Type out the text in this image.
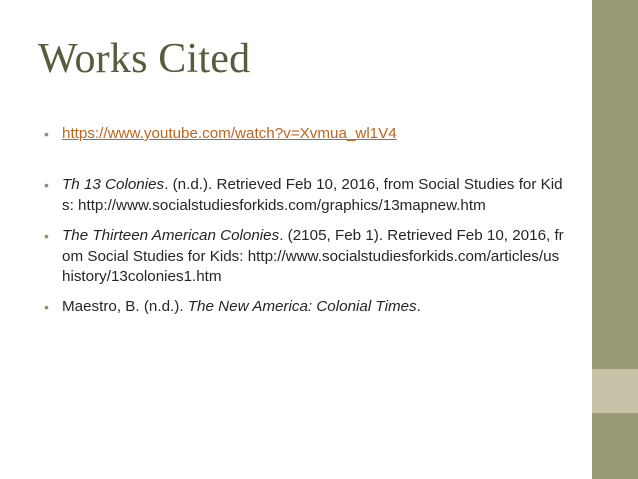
Works Cited
• https://www.youtube.com/watch?v=Xvmua_wl1V4
• Th 13 Colonies. (n.d.). Retrieved Feb 10, 2016, from Social Studies for Kids: http://www.socialstudiesforkids.com/graphics/13mapnew.htm
• The Thirteen American Colonies. (2105, Feb 1). Retrieved Feb 10, 2016, from Social Studies for Kids: http://www.socialstudiesforkids.com/articles/ushistory/13colonies1.htm
• Maestro, B. (n.d.). The New America: Colonial Times.
